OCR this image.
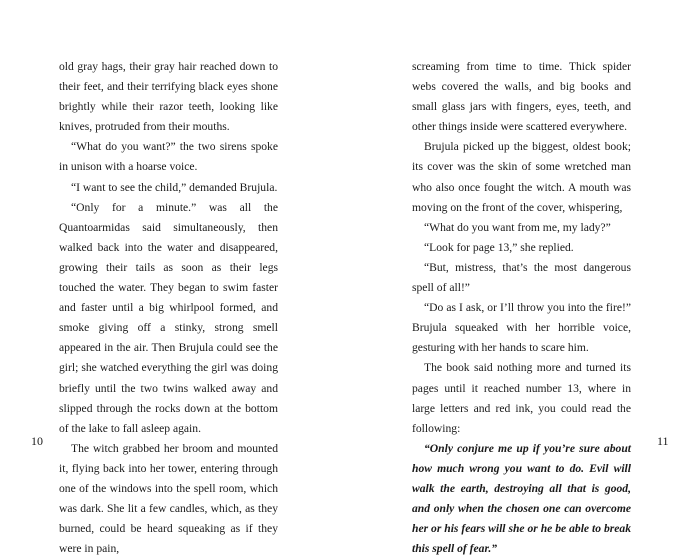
old gray hags, their gray hair reached down to their feet, and their terrifying black eyes shone brightly while their razor teeth, looking like knives, protruded from their mouths.

“What do you want?” the two sirens spoke in unison with a hoarse voice.

“I want to see the child,” demanded Brujula.

“Only for a minute.” was all the Quantoarmidas said simultaneously, then walked back into the water and disappeared, growing their tails as soon as their legs touched the water. They began to swim faster and faster until a big whirlpool formed, and smoke giving off a stinky, strong smell appeared in the air. Then Brujula could see the girl; she watched everything the girl was doing briefly until the two twins walked away and slipped through the rocks down at the bottom of the lake to fall asleep again.

The witch grabbed her broom and mounted it, flying back into her tower, entering through one of the windows into the spell room, which was dark. She lit a few candles, which, as they burned, could be heard squeaking as if they were in pain,

10

screaming from time to time. Thick spider webs covered the walls, and big books and small glass jars with fingers, eyes, teeth, and other things inside were scattered everywhere.

Brujula picked up the biggest, oldest book; its cover was the skin of some wretched man who also once fought the witch. A mouth was moving on the front of the cover, whispering,

“What do you want from me, my lady?”

“Look for page 13,” she replied.

“But, mistress, that’s the most dangerous spell of all!”

“Do as I ask, or I’ll throw you into the fire!” Brujula squeaked with her horrible voice, gesturing with her hands to scare him.

The book said nothing more and turned its pages until it reached number 13, where in large letters and red ink, you could read the following:

“Only conjure me up if you’re sure about how much wrong you want to do. Evil will walk the earth, destroying all that is good, and only when the chosen one can overcome her or his fears will she or he be able to break this spell of fear.”

11
